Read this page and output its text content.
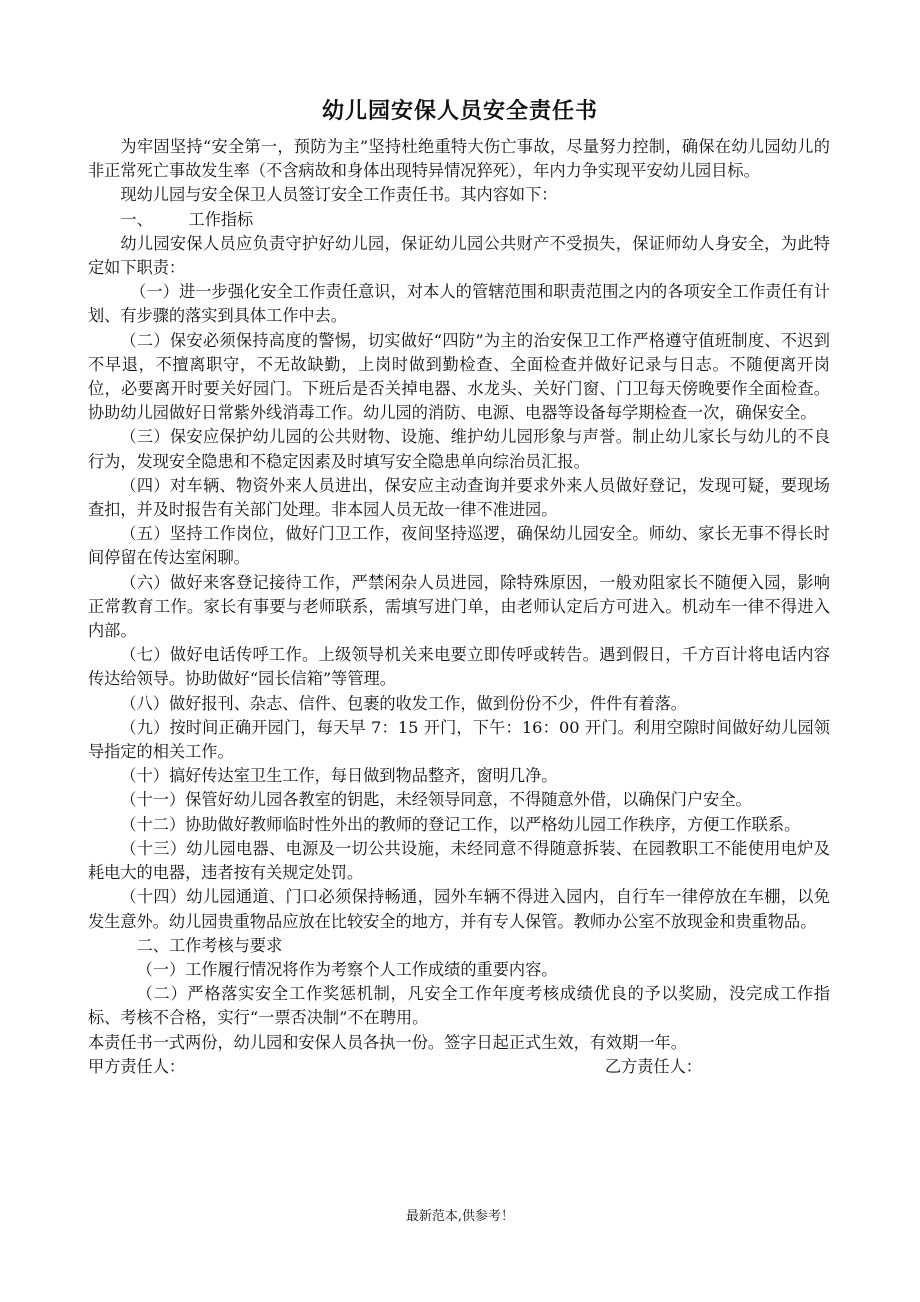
幼儿园安保人员安全责任书

为牢固坚持“安全第一，预防为主”坚持杜绝重特大伤亡事故，尽量努力控制，确保在幼儿园幼儿的非正常死亡事故发生率（不含病故和身体出现特异情况猝死），年内力争实现平安幼儿园目标。

现幼儿园与安全保卫人员签订安全工作责任书。其内容如下：

一、 工作指标

幼儿园安保人员应负责守护好幼儿园，保证幼儿园公共财产不受损失，保证师幼人身安全，为此特定如下职责：

（一）进一步强化安全工作责任意识，对本人的管辖范围和职责范围之内的各项安全工作责任有计划、有步骤的落实到具体工作中去。

（二）保安必须保持高度的警惕，切实做好“四防”为主的治安保卫工作严格遵守值班制度、不迟到不早退，不擅离职守，不无故缺勤，上岗时做到勤检查、全面检查并做好记录与日志。不随便离开岗位，必要离开时要关好园门。下班后是否关掉电器、水龙头、关好门窗、门卫每天傍晚要作全面检查。协助幼儿园做好日常紫外线消毒工作。幼儿园的消防、电源、电器等设备每学期检查一次，确保安全。

（三）保安应保护幼儿园的公共财物、设施、维护幼儿园形象与声誉。制止幼儿家长与幼儿的不良行为，发现安全隐患和不稳定因素及时填写安全隐患单向综治员汇报。

（四）对车辆、物资外来人员进出，保安应主动查询并要求外来人员做好登记，发现可疑，要现场查扣，并及时报告有关部门处理。非本园人员无故一律不准进园。

（五）坚持工作岗位，做好门卫工作，夜间坚持巡逻，确保幼儿园安全。师幼、家长无事不得长时间停留在传达室闲聊。

（六）做好来客登记接待工作，严禁闲杂人员进园，除特殊原因，一般劝阻家长不随便入园，影响正常教育工作。家长有事要与老师联系，需填写进门单，由老师认定后方可进入。机动车一律不得进入内部。

（七）做好电话传呼工作。上级领导机关来电要立即传呼或转告。遇到假日，千方百计将电话内容传达给领导。协助做好“园长信箱”等管理。

（八）做好报刊、杂志、信件、包裹的收发工作，做到份份不少，件件有着落。

（九）按时间正确开园门，每天早 7：15 开门，下午：16：00 开门。利用空隙时间做好幼儿园领导指定的相关工作。

（十）搞好传达室卫生工作，每日做到物品整齐，窗明几净。

（十一）保管好幼儿园各教室的钥匙，未经领导同意，不得随意外借，以确保门户安全。

（十二）协助做好教师临时性外出的教师的登记工作，以严格幼儿园工作秩序，方便工作联系。

（十三）幼儿园电器、电源及一切公共设施，未经同意不得随意拆装、在园教职工不能使用电炉及耗电大的电器，违者按有关规定处罚。

（十四）幼儿园通道、门口必须保持畅通，园外车辆不得进入园内，自行车一律停放在车棚，以免发生意外。幼儿园贵重物品应放在比较安全的地方，并有专人保管。教师办公室不放现金和贵重物品。

二、工作考核与要求

（一）工作履行情况将作为考察个人工作成绩的重要内容。

（二）严格落实安全工作奖惩机制，凡安全工作年度考核成绩优良的予以奖励，没完成工作指标、考核不合格，实行“一票否决制”不在聘用。

本责任书一式两份，幼儿园和安保人员各执一份。签字日起正式生效，有效期一年。

甲方责任人：	乙方责任人：

最新范本,供参考！
